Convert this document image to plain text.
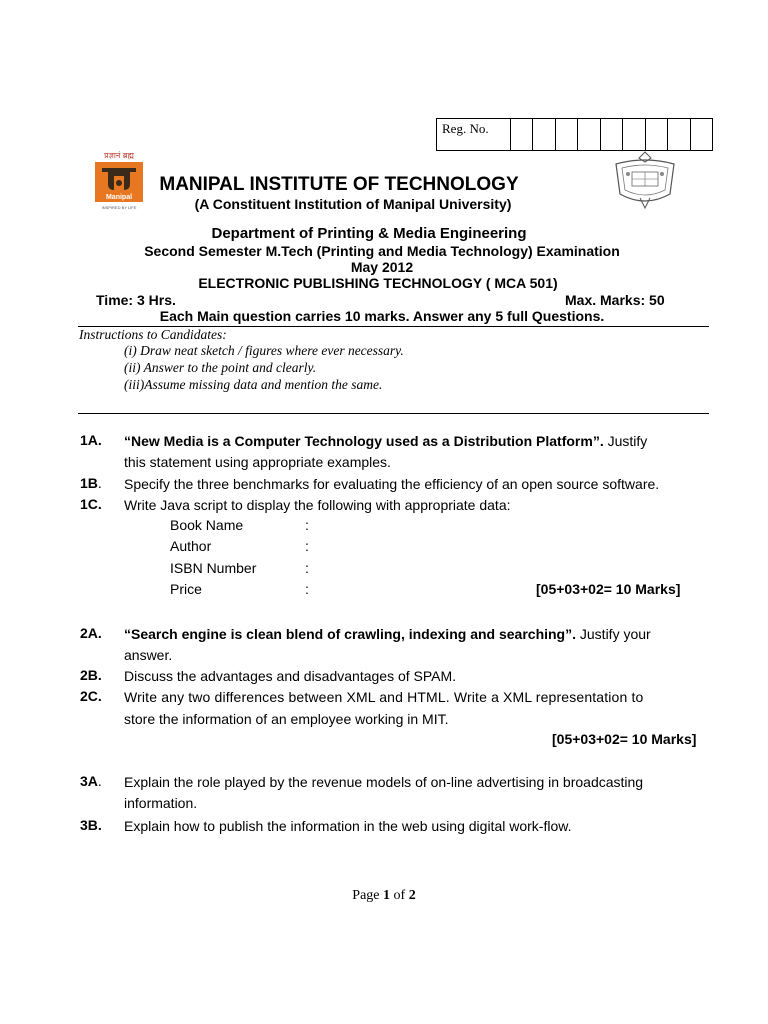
Reg. No.
प्रज्ञानं ब्रह्म
Manipal
INSPIRED BY LIFE
MANIPAL INSTITUTE OF TECHNOLOGY
(A Constituent Institution of Manipal University)
Department of Printing & Media Engineering
Second Semester M.Tech (Printing and Media Technology) Examination
May 2012
ELECTRONIC PUBLISHING TECHNOLOGY ( MCA 501)
Time: 3 Hrs.	Max. Marks: 50
Each Main question carries 10 marks. Answer any 5 full Questions.
Instructions to Candidates:
(i) Draw neat sketch / figures where ever necessary.
(ii) Answer to the point and clearly.
(iii)Assume missing data and mention the same.
1A. “New Media is a Computer Technology used as a Distribution Platform”. Justify
this statement using appropriate examples.
1B. Specify the three benchmarks for evaluating the efficiency of an open source software.
1C. Write Java script to display the following with appropriate data:
Book Name	:
Author	:
ISBN Number	:
Price	:	[05+03+02= 10 Marks]
2A. “Search engine is clean blend of crawling, indexing and searching”. Justify your
answer.
2B. Discuss the advantages and disadvantages of SPAM.
2C. Write any two differences between XML and HTML. Write a XML representation to
store the information of an employee working in MIT.
[05+03+02= 10 Marks]
3A. Explain the role played by the revenue models of on-line advertising in broadcasting
information.
3B. Explain how to publish the information in the web using digital work-flow.
Page 1 of 2
